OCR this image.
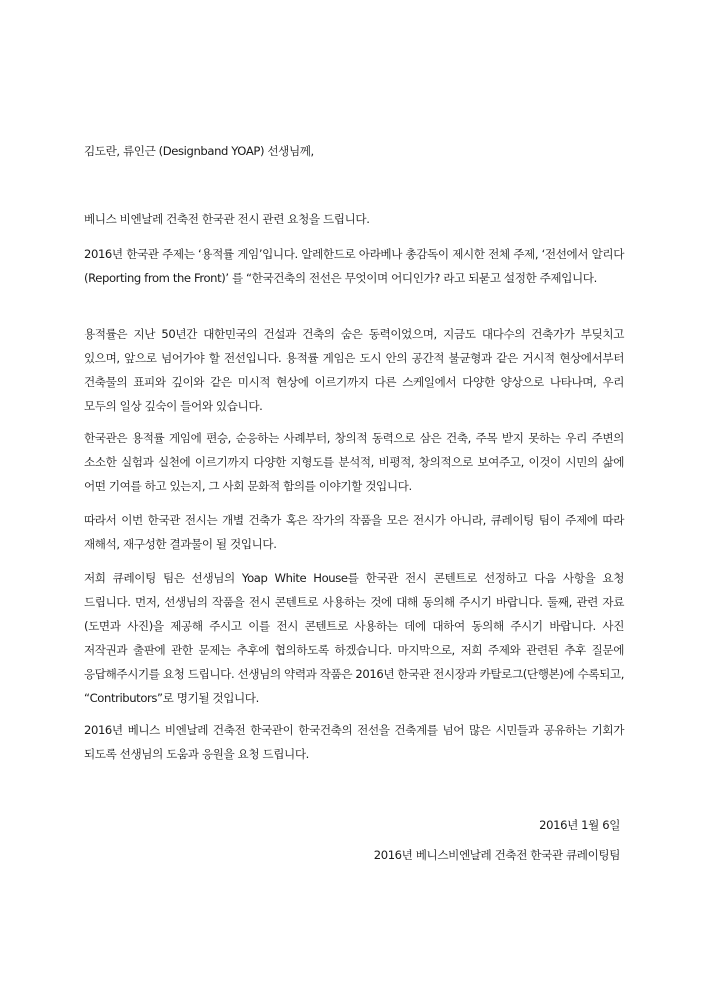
김도란, 류인근 (Designband YOAP) 선생님께,

베니스 비엔날레 건축전 한국관 전시 관련 요청을 드립니다.

2016년 한국관 주제는 ‘용적률 게임’입니다. 알레한드로 아라베나 총감독이 제시한 전체 주제, ‘전선에서 알리다 (Reporting from the Front)’ 를 “한국건축의 전선은 무엇이며 어디인가? 라고 되묻고 설정한 주제입니다.

용적률은 지난 50년간 대한민국의 건설과 건축의 숨은 동력이었으며, 지금도 대다수의 건축가가 부딪치고 있으며, 앞으로 넘어가야 할 전선입니다. 용적률 게임은 도시 안의 공간적 불균형과 같은 거시적 현상에서부터 건축물의 표피와 깊이와 같은 미시적 현상에 이르기까지 다른 스케일에서 다양한 양상으로 나타나며, 우리 모두의 일상 깊숙이 들어와 있습니다.

한국관은 용적률 게임에 편승, 순응하는 사례부터, 창의적 동력으로 삼은 건축, 주목 받지 못하는 우리 주변의 소소한 실험과 실천에 이르기까지 다양한 지형도를 분석적, 비평적, 창의적으로 보여주고, 이것이 시민의 삶에 어떤 기여를 하고 있는지, 그 사회 문화적 함의를 이야기할 것입니다.

따라서 이번 한국관 전시는 개별 건축가 혹은 작가의 작품을 모은 전시가 아니라, 큐레이팅 팀이 주제에 따라 재해석, 재구성한 결과물이 될 것입니다.

저희 큐레이팅 팀은 선생님의 Yoap White House를 한국관 전시 콘텐트로 선정하고 다음 사항을 요청 드립니다. 먼저, 선생님의 작품을 전시 콘텐트로 사용하는 것에 대해 동의해 주시기 바랍니다. 둘째, 관련 자료 (도면과 사진)을 제공해 주시고 이를 전시 콘텐트로 사용하는 데에 대하여 동의해 주시기 바랍니다. 사진 저작권과 출판에 관한 문제는 추후에 협의하도록 하겠습니다. 마지막으로, 저희 주제와 관련된 추후 질문에 응답해주시기를 요청 드립니다. 선생님의 약력과 작품은 2016년 한국관 전시장과 카탈로그(단행본)에 수록되고, “Contributors”로 명기될 것입니다.

2016년 베니스 비엔날레 건축전 한국관이 한국건축의 전선을 건축계를 넘어 많은 시민들과 공유하는 기회가 되도록 선생님의 도움과 응원을 요청 드립니다.

2016년 1월 6일

2016년 베니스비엔날레 건축전 한국관 큐레이팅팀
